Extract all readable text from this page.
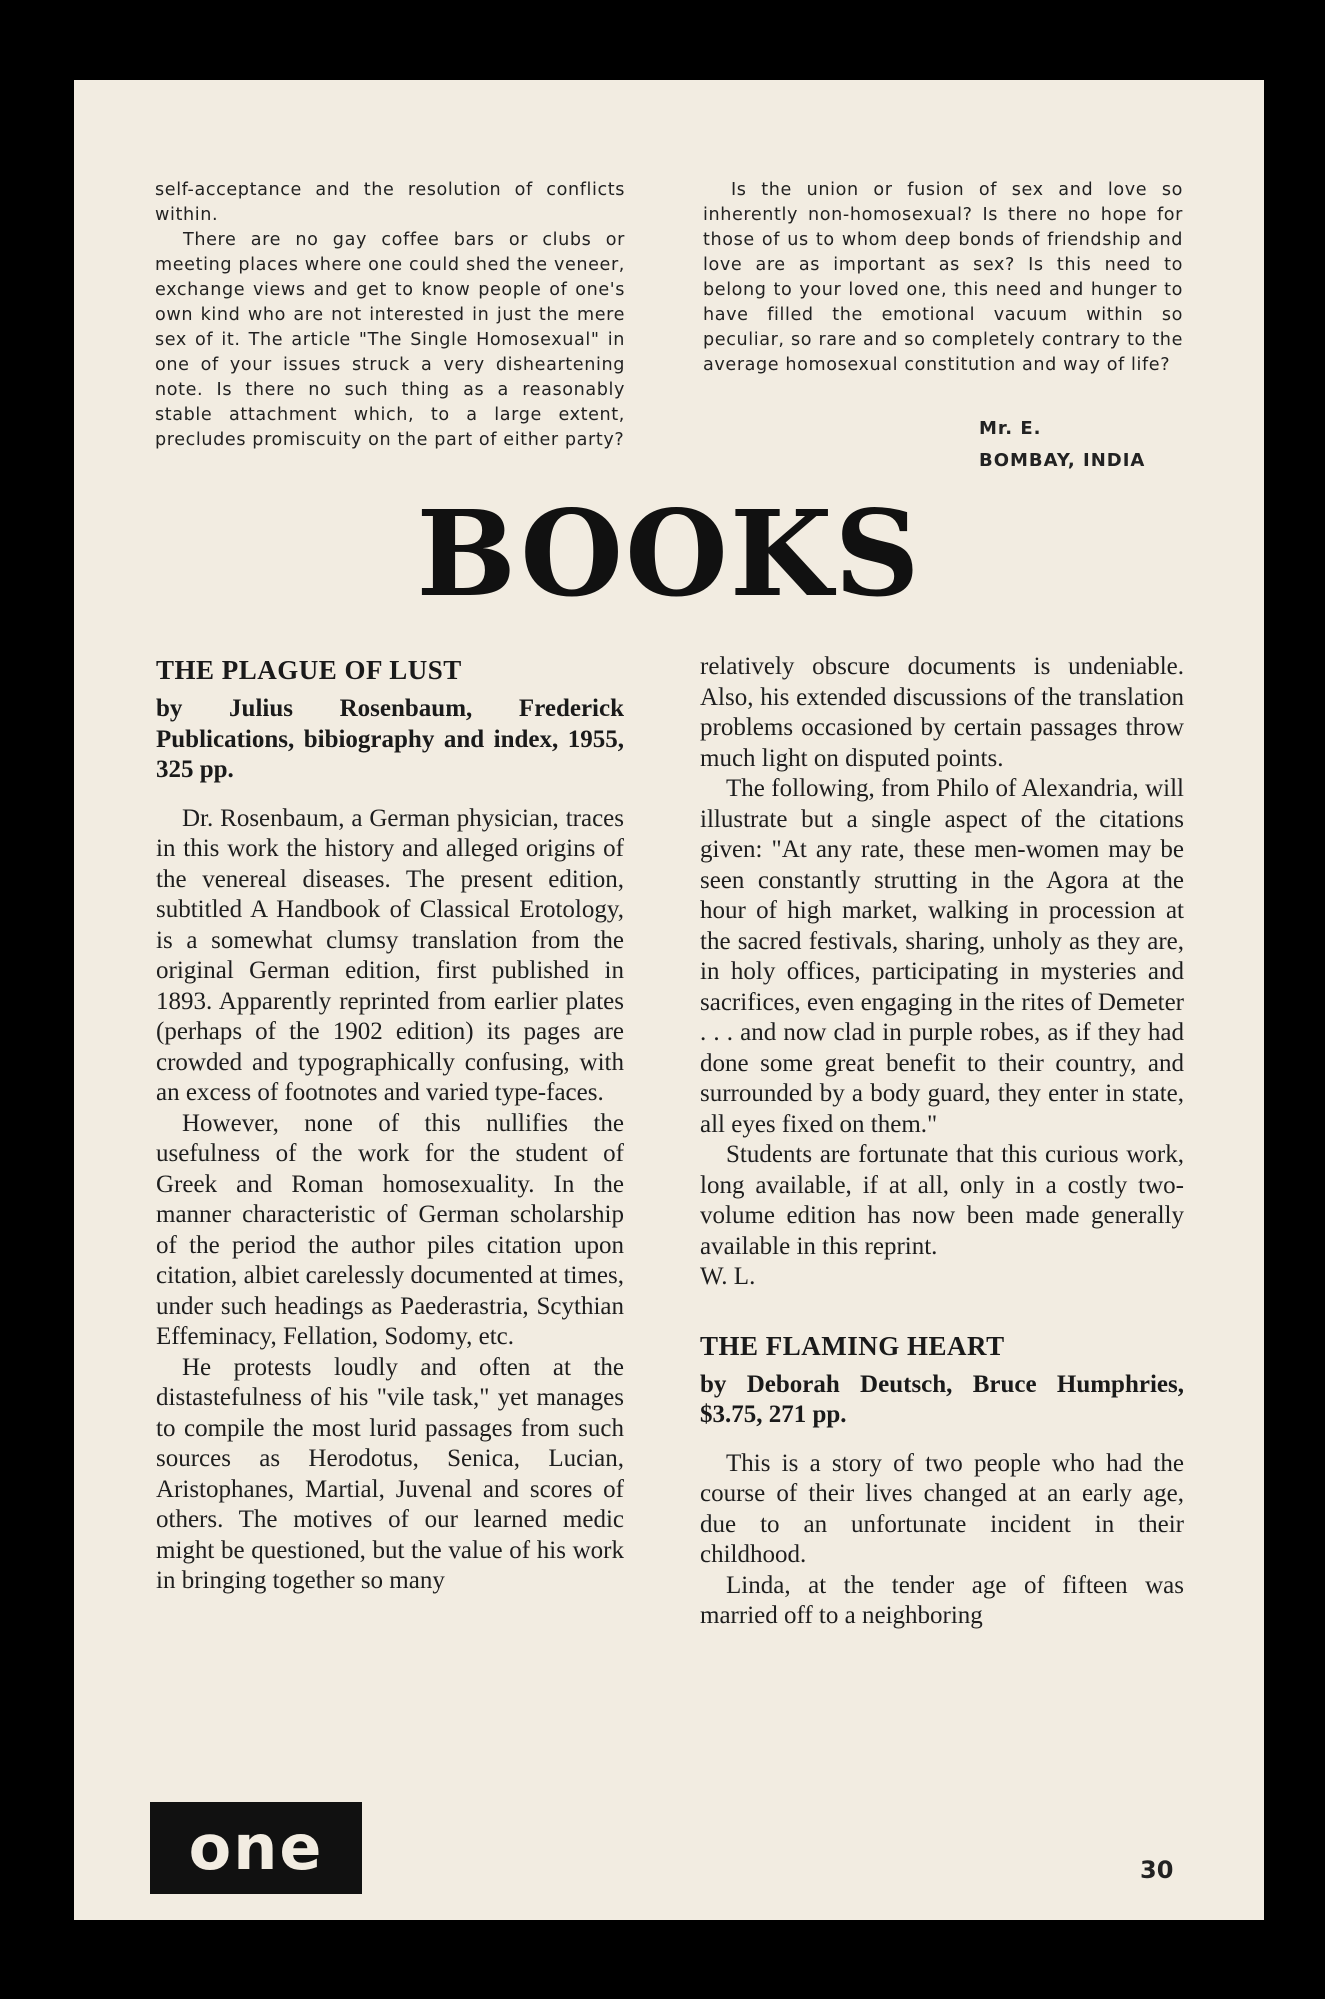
self-acceptance and the resolution of conflicts within.

There are no gay coffee bars or clubs or meeting places where one could shed the veneer, exchange views and get to know people of one's own kind who are not interested in just the mere sex of it. The article "The Single Homosexual" in one of your issues struck a very disheartening note. Is there no such thing as a reasonably stable attachment which, to a large extent, precludes promiscuity on the part of either party?

Is the union or fusion of sex and love so inherently non-homosexual? Is there no hope for those of us to whom deep bonds of friendship and love are as important as sex? Is this need to belong to your loved one, this need and hunger to have filled the emotional vacuum within so peculiar, so rare and so completely contrary to the average homosexual constitution and way of life?

Mr. E.
BOMBAY, INDIA
BOOKS
THE PLAGUE OF LUST

by Julius Rosenbaum, Frederick Publications, bibiography and index, 1955, 325 pp.

Dr. Rosenbaum, a German physician, traces in this work the history and alleged origins of the venereal diseases. The present edition, subtitled A Handbook of Classical Erotology, is a somewhat clumsy translation from the original German edition, first published in 1893. Apparently reprinted from earlier plates (perhaps of the 1902 edition) its pages are crowded and typographically confusing, with an excess of footnotes and varied type-faces.

However, none of this nullifies the usefulness of the work for the student of Greek and Roman homosexuality. In the manner characteristic of German scholarship of the period the author piles citation upon citation, albiet carelessly documented at times, under such headings as Paederastria, Scythian Effeminacy, Fellation, Sodomy, etc.

He protests loudly and often at the distastefulness of his "vile task," yet manages to compile the most lurid passages from such sources as Herodotus, Senica, Lucian, Aristophanes, Martial, Juvenal and scores of others. The motives of our learned medic might be questioned, but the value of his work in bringing together so many

relatively obscure documents is undeniable. Also, his extended discussions of the translation problems occasioned by certain passages throw much light on disputed points.

The following, from Philo of Alexandria, will illustrate but a single aspect of the citations given: "At any rate, these men-women may be seen constantly strutting in the Agora at the hour of high market, walking in procession at the sacred festivals, sharing, unholy as they are, in holy offices, participating in mysteries and sacrifices, even engaging in the rites of Demeter . . . and now clad in purple robes, as if they had done some great benefit to their country, and surrounded by a body guard, they enter in state, all eyes fixed on them."

Students are fortunate that this curious work, long available, if at all, only in a costly two-volume edition has now been made generally available in this reprint.

W. L.

THE FLAMING HEART

by Deborah Deutsch, Bruce Humphries, $3.75, 271 pp.

This is a story of two people who had the course of their lives changed at an early age, due to an unfortunate incident in their childhood.

Linda, at the tender age of fifteen was married off to a neighboring

one	30
